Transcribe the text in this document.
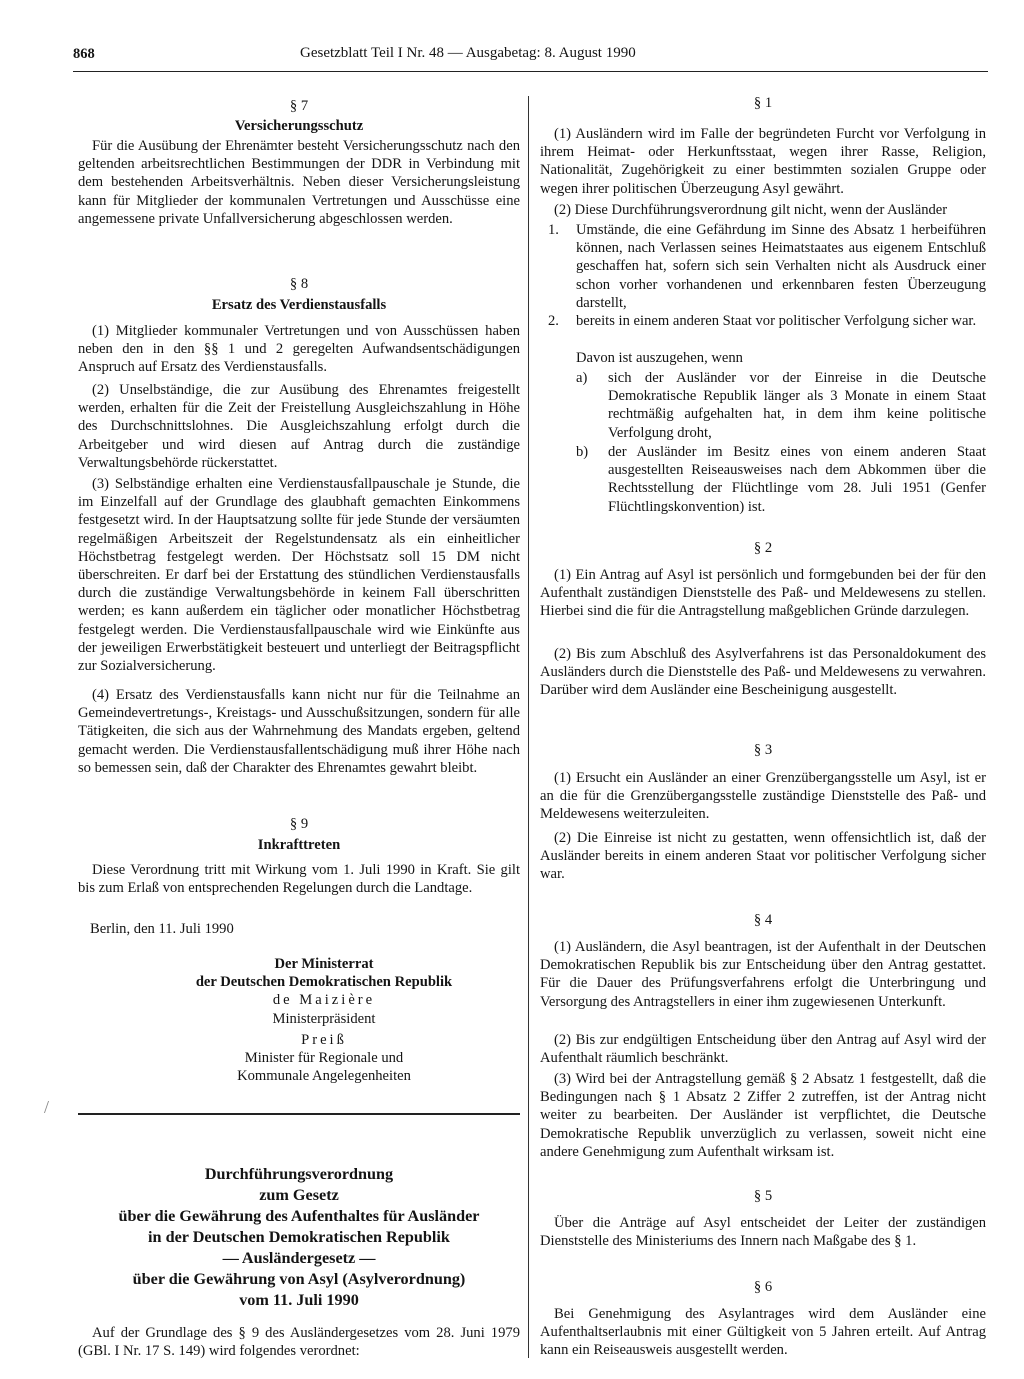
868	Gesetzblatt Teil I Nr. 48 — Ausgabetag: 8. August 1990
§ 7
Versicherungsschutz
Für die Ausübung der Ehrenämter besteht Versicherungsschutz nach den geltenden arbeitsrechtlichen Bestimmungen der DDR in Verbindung mit dem bestehenden Arbeitsverhältnis. Neben dieser Versicherungsleistung kann für Mitglieder der kommunalen Vertretungen und Ausschüsse eine angemessene private Unfallversicherung abgeschlossen werden.
§ 8
Ersatz des Verdienstausfalls
(1) Mitglieder kommunaler Vertretungen und von Ausschüssen haben neben den in den §§ 1 und 2 geregelten Aufwandsentschädigungen Anspruch auf Ersatz des Verdienstausfalls.
(2) Unselbständige, die zur Ausübung des Ehrenamtes freigestellt werden, erhalten für die Zeit der Freistellung Ausgleichszahlung in Höhe des Durchschnittslohnes. Die Ausgleichszahlung erfolgt durch die Arbeitgeber und wird diesen auf Antrag durch die zuständige Verwaltungsbehörde rückerstattet.
(3) Selbständige erhalten eine Verdienstausfallpauschale je Stunde, die im Einzelfall auf der Grundlage des glaubhaft gemachten Einkommens festgesetzt wird. In der Hauptsatzung sollte für jede Stunde der versäumten regelmäßigen Arbeitszeit der Regelstundensatz als ein einheitlicher Höchstbetrag festgelegt werden. Der Höchstsatz soll 15 DM nicht überschreiten. Er darf bei der Erstattung des stündlichen Verdienstausfalls durch die zuständige Verwaltungsbehörde in keinem Fall überschritten werden; es kann außerdem ein täglicher oder monatlicher Höchstbetrag festgelegt werden. Die Verdienstausfallpauschale wird wie Einkünfte aus der jeweiligen Erwerbstätigkeit besteuert und unterliegt der Beitragspflicht zur Sozialversicherung.
(4) Ersatz des Verdienstausfalls kann nicht nur für die Teilnahme an Gemeindevertretungs-, Kreistags- und Ausschußsitzungen, sondern für alle Tätigkeiten, die sich aus der Wahrnehmung des Mandats ergeben, geltend gemacht werden. Die Verdienstausfallentschädigung muß ihrer Höhe nach so bemessen sein, daß der Charakter des Ehrenamtes gewahrt bleibt.
§ 9
Inkrafttreten
Diese Verordnung tritt mit Wirkung vom 1. Juli 1990 in Kraft. Sie gilt bis zum Erlaß von entsprechenden Regelungen durch die Landtage.
Berlin, den 11. Juli 1990
Der Ministerrat
der Deutschen Demokratischen Republik
de Maizière
Ministerpräsident
Preiß
Minister für Regionale und
Kommunale Angelegenheiten
/
Durchführungsverordnung
zum Gesetz
über die Gewährung des Aufenthaltes für Ausländer
in der Deutschen Demokratischen Republik
— Ausländergesetz —
über die Gewährung von Asyl (Asylverordnung)
vom 11. Juli 1990
Auf der Grundlage des § 9 des Ausländergesetzes vom 28. Juni 1979 (GBl. I Nr. 17 S. 149) wird folgendes verordnet:
§ 1
(1) Ausländern wird im Falle der begründeten Furcht vor Verfolgung in ihrem Heimat- oder Herkunftsstaat, wegen ihrer Rasse, Religion, Nationalität, Zugehörigkeit zu einer bestimmten sozialen Gruppe oder wegen ihrer politischen Überzeugung Asyl gewährt.
(2) Diese Durchführungsverordnung gilt nicht, wenn der Ausländer
1. Umstände, die eine Gefährdung im Sinne des Absatz 1 herbeiführen können, nach Verlassen seines Heimatstaates aus eigenem Entschluß geschaffen hat, sofern sich sein Verhalten nicht als Ausdruck einer schon vorher vorhandenen und erkennbaren festen Überzeugung darstellt,
2. bereits in einem anderen Staat vor politischer Verfolgung sicher war.
Davon ist auszugehen, wenn
a) sich der Ausländer vor der Einreise in die Deutsche Demokratische Republik länger als 3 Monate in einem Staat rechtmäßig aufgehalten hat, in dem ihm keine politische Verfolgung droht,
b) der Ausländer im Besitz eines von einem anderen Staat ausgestellten Reiseausweises nach dem Abkommen über die Rechtsstellung der Flüchtlinge vom 28. Juli 1951 (Genfer Flüchtlingskonvention) ist.
§ 2
(1) Ein Antrag auf Asyl ist persönlich und formgebunden bei der für den Aufenthalt zuständigen Dienststelle des Paß- und Meldewesens zu stellen. Hierbei sind die für die Antragstellung maßgeblichen Gründe darzulegen.
(2) Bis zum Abschluß des Asylverfahrens ist das Personaldokument des Ausländers durch die Dienststelle des Paß- und Meldewesens zu verwahren. Darüber wird dem Ausländer eine Bescheinigung ausgestellt.
§ 3
(1) Ersucht ein Ausländer an einer Grenzübergangsstelle um Asyl, ist er an die für die Grenzübergangsstelle zuständige Dienststelle des Paß- und Meldewesens weiterzuleiten.
(2) Die Einreise ist nicht zu gestatten, wenn offensichtlich ist, daß der Ausländer bereits in einem anderen Staat vor politischer Verfolgung sicher war.
§ 4
(1) Ausländern, die Asyl beantragen, ist der Aufenthalt in der Deutschen Demokratischen Republik bis zur Entscheidung über den Antrag gestattet. Für die Dauer des Prüfungsverfahrens erfolgt die Unterbringung und Versorgung des Antragstellers in einer ihm zugewiesenen Unterkunft.
(2) Bis zur endgültigen Entscheidung über den Antrag auf Asyl wird der Aufenthalt räumlich beschränkt.
(3) Wird bei der Antragstellung gemäß § 2 Absatz 1 festgestellt, daß die Bedingungen nach § 1 Absatz 2 Ziffer 2 zutreffen, ist der Antrag nicht weiter zu bearbeiten. Der Ausländer ist verpflichtet, die Deutsche Demokratische Republik unverzüglich zu verlassen, soweit nicht eine andere Genehmigung zum Aufenthalt wirksam ist.
§ 5
Über die Anträge auf Asyl entscheidet der Leiter der zuständigen Dienststelle des Ministeriums des Innern nach Maßgabe des § 1.
§ 6
Bei Genehmigung des Asylantrages wird dem Ausländer eine Aufenthaltserlaubnis mit einer Gültigkeit von 5 Jahren erteilt. Auf Antrag kann ein Reiseausweis ausgestellt werden.
